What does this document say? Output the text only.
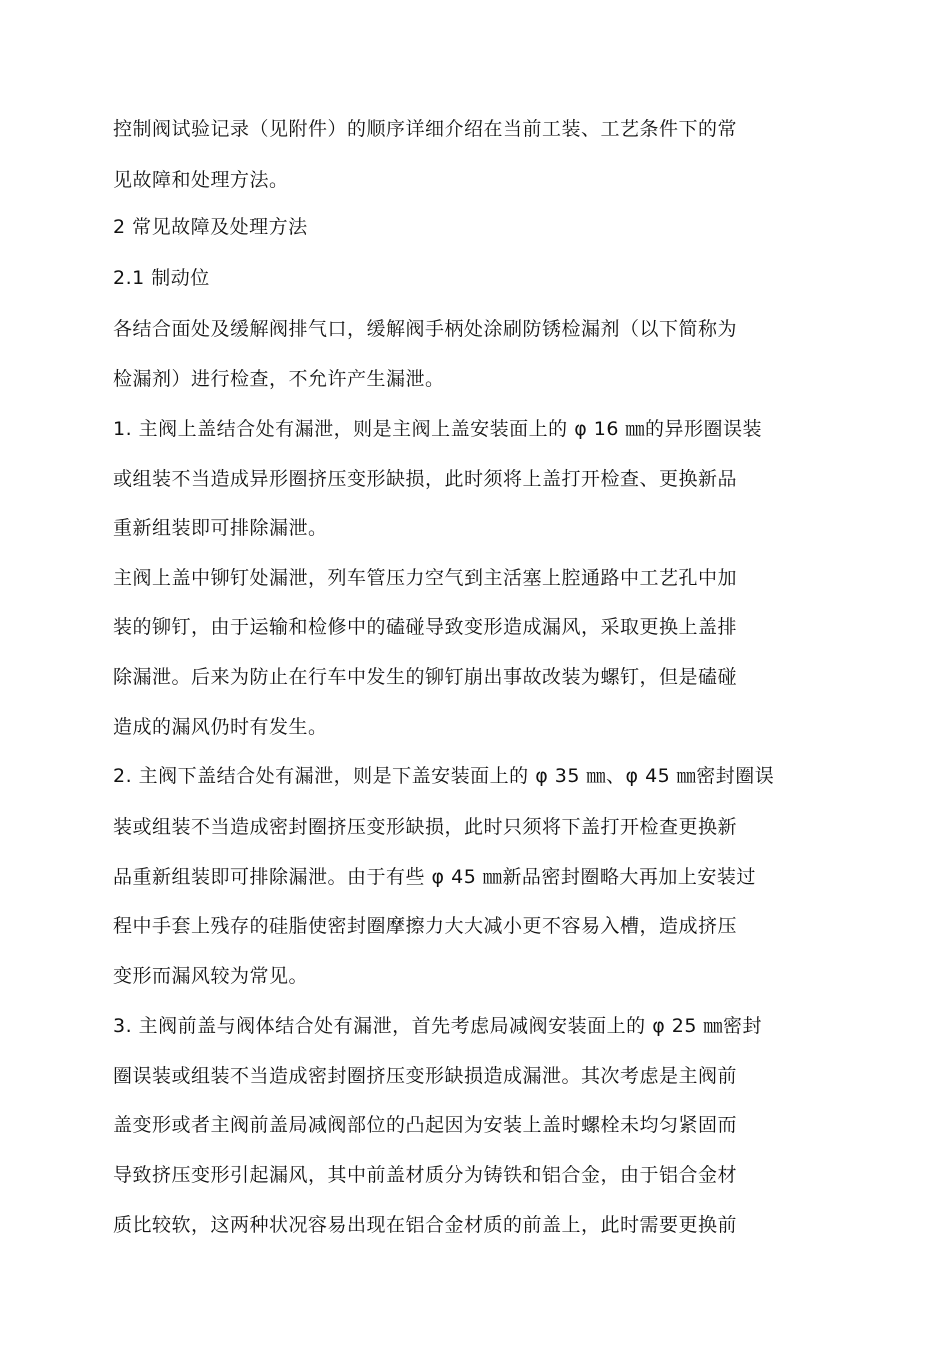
控制阀试验记录（见附件）的顺序详细介绍在当前工装、工艺条件下的常
见故障和处理方法。
2 常见故障及处理方法
2.1 制动位
各结合面处及缓解阀排气口，缓解阀手柄处涂刷防锈检漏剂（以下简称为
检漏剂）进行检查，不允许产生漏泄。
1. 主阀上盖结合处有漏泄，则是主阀上盖安装面上的 φ 16 ㎜的异形圈误装
或组装不当造成异形圈挤压变形缺损，此时须将上盖打开检查、更换新品
重新组装即可排除漏泄。
主阀上盖中铆钉处漏泄，列车管压力空气到主活塞上腔通路中工艺孔中加
装的铆钉，由于运输和检修中的磕碰导致变形造成漏风，采取更换上盖排
除漏泄。后来为防止在行车中发生的铆钉崩出事故改装为螺钉，但是磕碰
造成的漏风仍时有发生。
2. 主阀下盖结合处有漏泄，则是下盖安装面上的 φ 35 ㎜、φ 45 ㎜密封圈误
装或组装不当造成密封圈挤压变形缺损，此时只须将下盖打开检查更换新
品重新组装即可排除漏泄。由于有些 φ 45 ㎜新品密封圈略大再加上安装过
程中手套上残存的硅脂使密封圈摩擦力大大减小更不容易入槽，造成挤压
变形而漏风较为常见。
3. 主阀前盖与阀体结合处有漏泄，首先考虑局减阀安装面上的 φ 25 ㎜密封
圈误装或组装不当造成密封圈挤压变形缺损造成漏泄。其次考虑是主阀前
盖变形或者主阀前盖局减阀部位的凸起因为安装上盖时螺栓未均匀紧固而
导致挤压变形引起漏风，其中前盖材质分为铸铁和铝合金，由于铝合金材
质比较软，这两种状况容易出现在铝合金材质的前盖上，此时需要更换前
